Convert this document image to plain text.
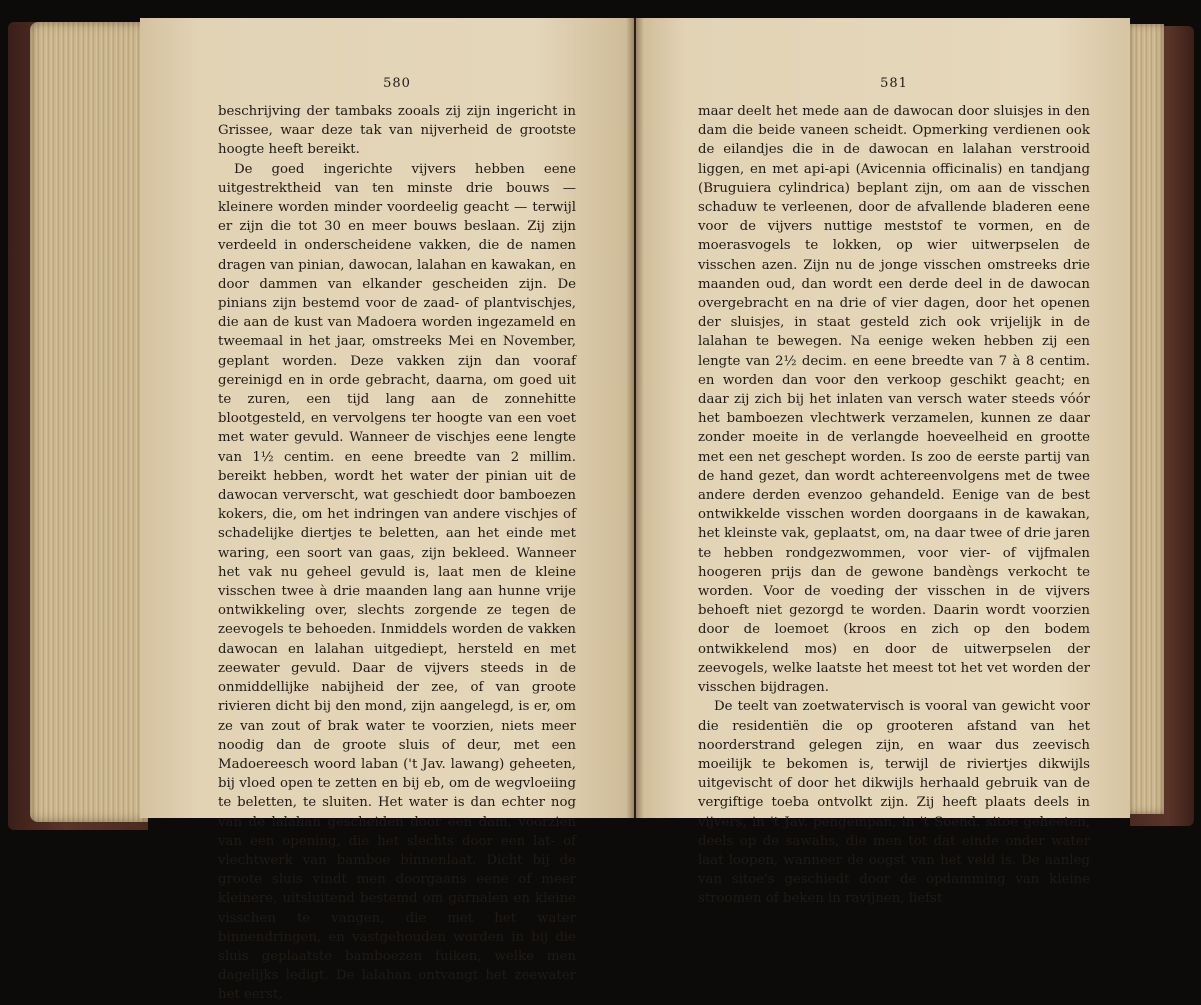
580

beschrijving der tambaks zooals zij zijn ingericht in Grissee, waar deze tak van nijverheid de grootste hoogte heeft bereikt.

De goed ingerichte vijvers hebben eene uitgestrektheid van ten minste drie bouws — kleinere worden minder voordeelig geacht — terwijl er zijn die tot 30 en meer bouws beslaan. Zij zijn verdeeld in onderscheidene vakken, die de namen dragen van pinian, dawocan, lalahan en kawakan, en door dammen van elkander gescheiden zijn. De pinians zijn bestemd voor de zaad- of plantvischjes, die aan de kust van Madoera worden ingezameld en tweemaal in het jaar, omstreeks Mei en November, geplant worden. Deze vakken zijn dan vooraf gereinigd en in orde gebracht, daarna, om goed uit te zuren, een tijd lang aan de zonnehitte blootgesteld, en vervolgens ter hoogte van een voet met water gevuld. Wanneer de vischjes eene lengte van 1½ centim. en eene breedte van 2 millim. bereikt hebben, wordt het water der pinian uit de dawocan ververscht, wat geschiedt door bamboezen kokers, die, om het indringen van andere vischjes of schadelijke diertjes te beletten, aan het einde met waring, een soort van gaas, zijn bekleed. Wanneer het vak nu geheel gevuld is, laat men de kleine visschen twee à drie maanden lang aan hunne vrije ontwikkeling over, slechts zorgende ze tegen de zeevogels te behoeden. Inmiddels worden de vakken dawocan en lalahan uitgediept, hersteld en met zeewater gevuld. Daar de vijvers steeds in de onmiddellijke nabijheid der zee, of van groote rivieren dicht bij den mond, zijn aangelegd, is er, om ze van zout of brak water te voorzien, niets meer noodig dan de groote sluis of deur, met een Madoereesch woord laban ('t Jav. lawang) geheeten, bij vloed open te zetten en bij eb, om de wegvloeiing te beletten, te sluiten. Het water is dan echter nog van de lalahan gescheiden door een dam, voorzien van een opening, die het slechts door een lat- of vlechtwerk van bamboe binnenlaat. Dicht bij de groote sluis vindt men doorgaans eene of meer kleinere, uitsluitend bestemd om garnalen en kleine visschen te vangen, die met het water binnendringen, en vastgehouden worden in bij die sluis geplaatste bamboezen fuiken, welke men dagelijks ledigt. De lalahan ontvangt het zeewater het eerst,

581

maar deelt het mede aan de dawocan door sluisjes in den dam die beide vaneen scheidt. Opmerking verdienen ook de eilandjes die in de dawocan en lalahan verstrooid liggen, en met api-api (Avicennia officinalis) en tandjang (Bruguiera cylindrica) beplant zijn, om aan de visschen schaduw te verleenen, door de afvallende bladeren eene voor de vijvers nuttige meststof te vormen, en de moerasvogels te lokken, op wier uitwerpselen de visschen azen. Zijn nu de jonge visschen omstreeks drie maanden oud, dan wordt een derde deel in de dawocan overgebracht en na drie of vier dagen, door het openen der sluisjes, in staat gesteld zich ook vrijelijk in de lalahan te bewegen. Na eenige weken hebben zij een lengte van 2½ decim. en eene breedte van 7 à 8 centim. en worden dan voor den verkoop geschikt geacht; en daar zij zich bij het inlaten van versch water steeds vóór het bamboezen vlechtwerk verzamelen, kunnen ze daar zonder moeite in de verlangde hoeveelheid en grootte met een net geschept worden. Is zoo de eerste partij van de hand gezet, dan wordt achtereenvolgens met de twee andere derden evenzoo gehandeld. Eenige van de best ontwikkelde visschen worden doorgaans in de kawakan, het kleinste vak, geplaatst, om, na daar twee of drie jaren te hebben rondgezwommen, voor vier- of vijfmalen hoogeren prijs dan de gewone bandèngs verkocht te worden. Voor de voeding der visschen in de vijvers behoeft niet gezorgd te worden. Daarin wordt voorzien door de loemoet (kroos en zich op den bodem ontwikkelend mos) en door de uitwerpselen der zeevogels, welke laatste het meest tot het vet worden der visschen bijdragen.

De teelt van zoetwatervisch is vooral van gewicht voor die residentiën die op grooteren afstand van het noorderstrand gelegen zijn, en waar dus zeevisch moeilijk te bekomen is, terwijl de riviertjes dikwijls uitgevischt of door het dikwijls herhaald gebruik van de vergiftige toeba ontvolkt zijn. Zij heeft plaats deels in vijvers, in 't Jav. pengempan, in 't Soend. sitoe geheeten, deels op de sawahs, die men tot dat einde onder water laat loopen, wanneer de oogst van het veld is. De aanleg van sitoe's geschiedt door de opdamming van kleine stroomen of beken in ravijnen, liefst
